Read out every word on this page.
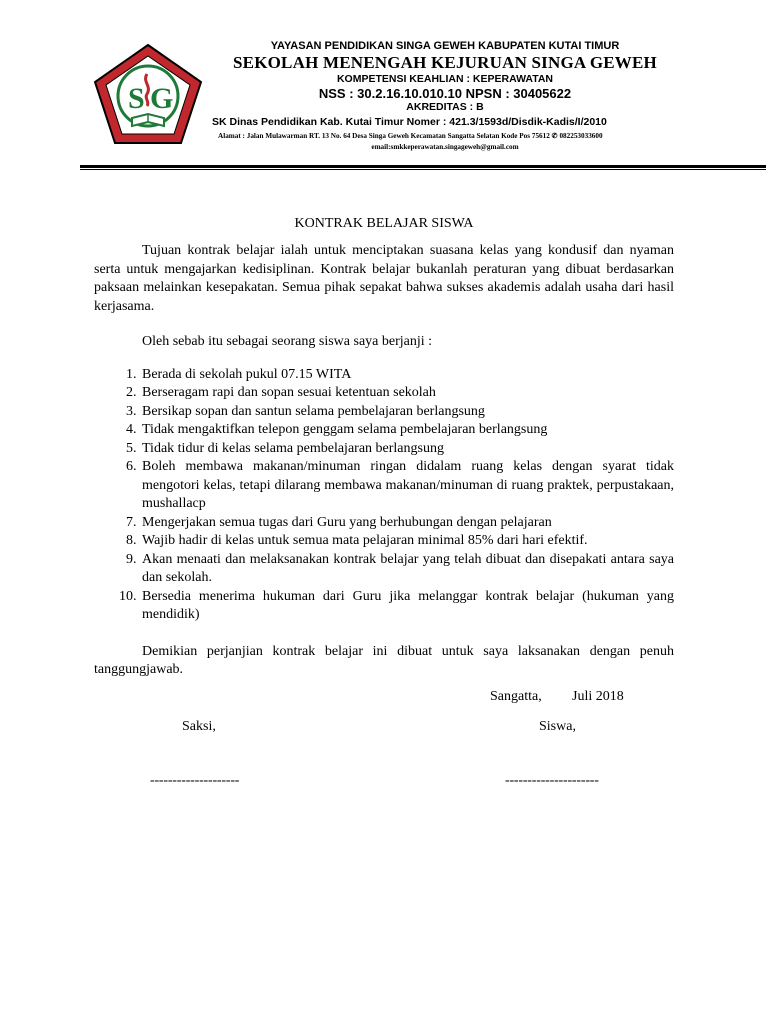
S G
YAYASAN PENDIDIKAN SINGA GEWEH KABUPATEN KUTAI TIMUR
SEKOLAH MENENGAH KEJURUAN SINGA GEWEH
KOMPETENSI KEAHLIAN : KEPERAWATAN
NSS : 30.2.16.10.010.10 NPSN : 30405622
AKREDITAS : B
SK Dinas Pendidikan Kab. Kutai Timur Nomer : 421.3/1593d/Disdik-Kadis/I/2010
Alamat : Jalan Mulawarman RT. 13 No. 64 Desa Singa Geweh Kecamatan Sangatta Selatan Kode Pos 75612 ✆ 082253033600
email:smkkeperawatan.singageweh@gmail.com
KONTRAK BELAJAR SISWA

Tujuan kontrak belajar ialah untuk menciptakan suasana kelas yang kondusif dan nyaman serta untuk mengajarkan kedisiplinan. Kontrak belajar bukanlah peraturan yang dibuat berdasarkan paksaan melainkan kesepakatan. Semua pihak sepakat bahwa sukses akademis adalah usaha dari hasil kerjasama.

Oleh sebab itu sebagai seorang siswa saya berjanji :

1. Berada di sekolah pukul 07.15 WITA
2. Berseragam rapi dan sopan sesuai ketentuan sekolah
3. Bersikap sopan dan santun selama pembelajaran berlangsung
4. Tidak mengaktifkan telepon genggam selama pembelajaran berlangsung
5. Tidak tidur di kelas selama pembelajaran berlangsung
6. Boleh membawa makanan/minuman ringan didalam ruang kelas dengan syarat tidak mengotori kelas, tetapi dilarang membawa makanan/minuman di ruang praktek, perpustakaan, mushallacp
7. Mengerjakan semua tugas dari Guru yang berhubungan dengan pelajaran
8. Wajib hadir di kelas untuk semua mata pelajaran minimal 85% dari hari efektif.
9. Akan menaati dan melaksanakan kontrak belajar yang telah dibuat dan disepakati antara saya dan sekolah.
10. Bersedia menerima hukuman dari Guru jika melanggar kontrak belajar (hukuman yang mendidik)

Demikian perjanjian kontrak belajar ini dibuat untuk saya laksanakan dengan penuh tanggungjawab.

Sangatta, Juli 2018
Saksi,	Siswa,
--------------------	---------------------
